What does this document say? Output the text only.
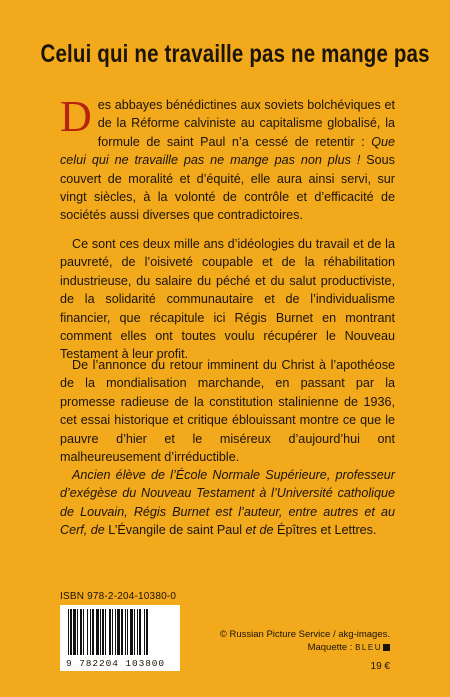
Celui qui ne travaille pas ne mange pas
Des abbayes bénédictines aux soviets bolchéviques et de la Réforme calviniste au capitalisme globalisé, la formule de saint Paul n’a cessé de retentir : Que celui qui ne travaille pas ne mange pas non plus ! Sous couvert de moralité et d’équité, elle aura ainsi servi, sur vingt siècles, à la volonté de contrôle et d’efficacité de sociétés aussi diverses que contradictoires.
Ce sont ces deux mille ans d’idéologies du travail et de la pauvreté, de l’oisiveté coupable et de la réhabilitation industrieuse, du salaire du péché et du salut productiviste, de la solidarité communautaire et de l’individualisme financier, que récapitule ici Régis Burnet en montrant comment elles ont toutes voulu récupérer le Nouveau Testament à leur profit.
De l’annonce du retour imminent du Christ à l’apothéose de la mondialisation marchande, en passant par la promesse radieuse de la constitution stalinienne de 1936, cet essai historique et critique éblouissant montre ce que le pauvre d’hier et le miséreux d’aujourd’hui ont malheureusement d’irréductible.
Ancien élève de l’École Normale Supérieure, professeur d’exégèse du Nouveau Testament à l’Université catholique de Louvain, Régis Burnet est l’auteur, entre autres et au Cerf, de L’Évangile de saint Paul et de Épîtres et Lettres.
ISBN 978-2-204-10380-0
9 782204 103800
© Russian Picture Service / akg-images.
Maquette : BLEU
19 €
